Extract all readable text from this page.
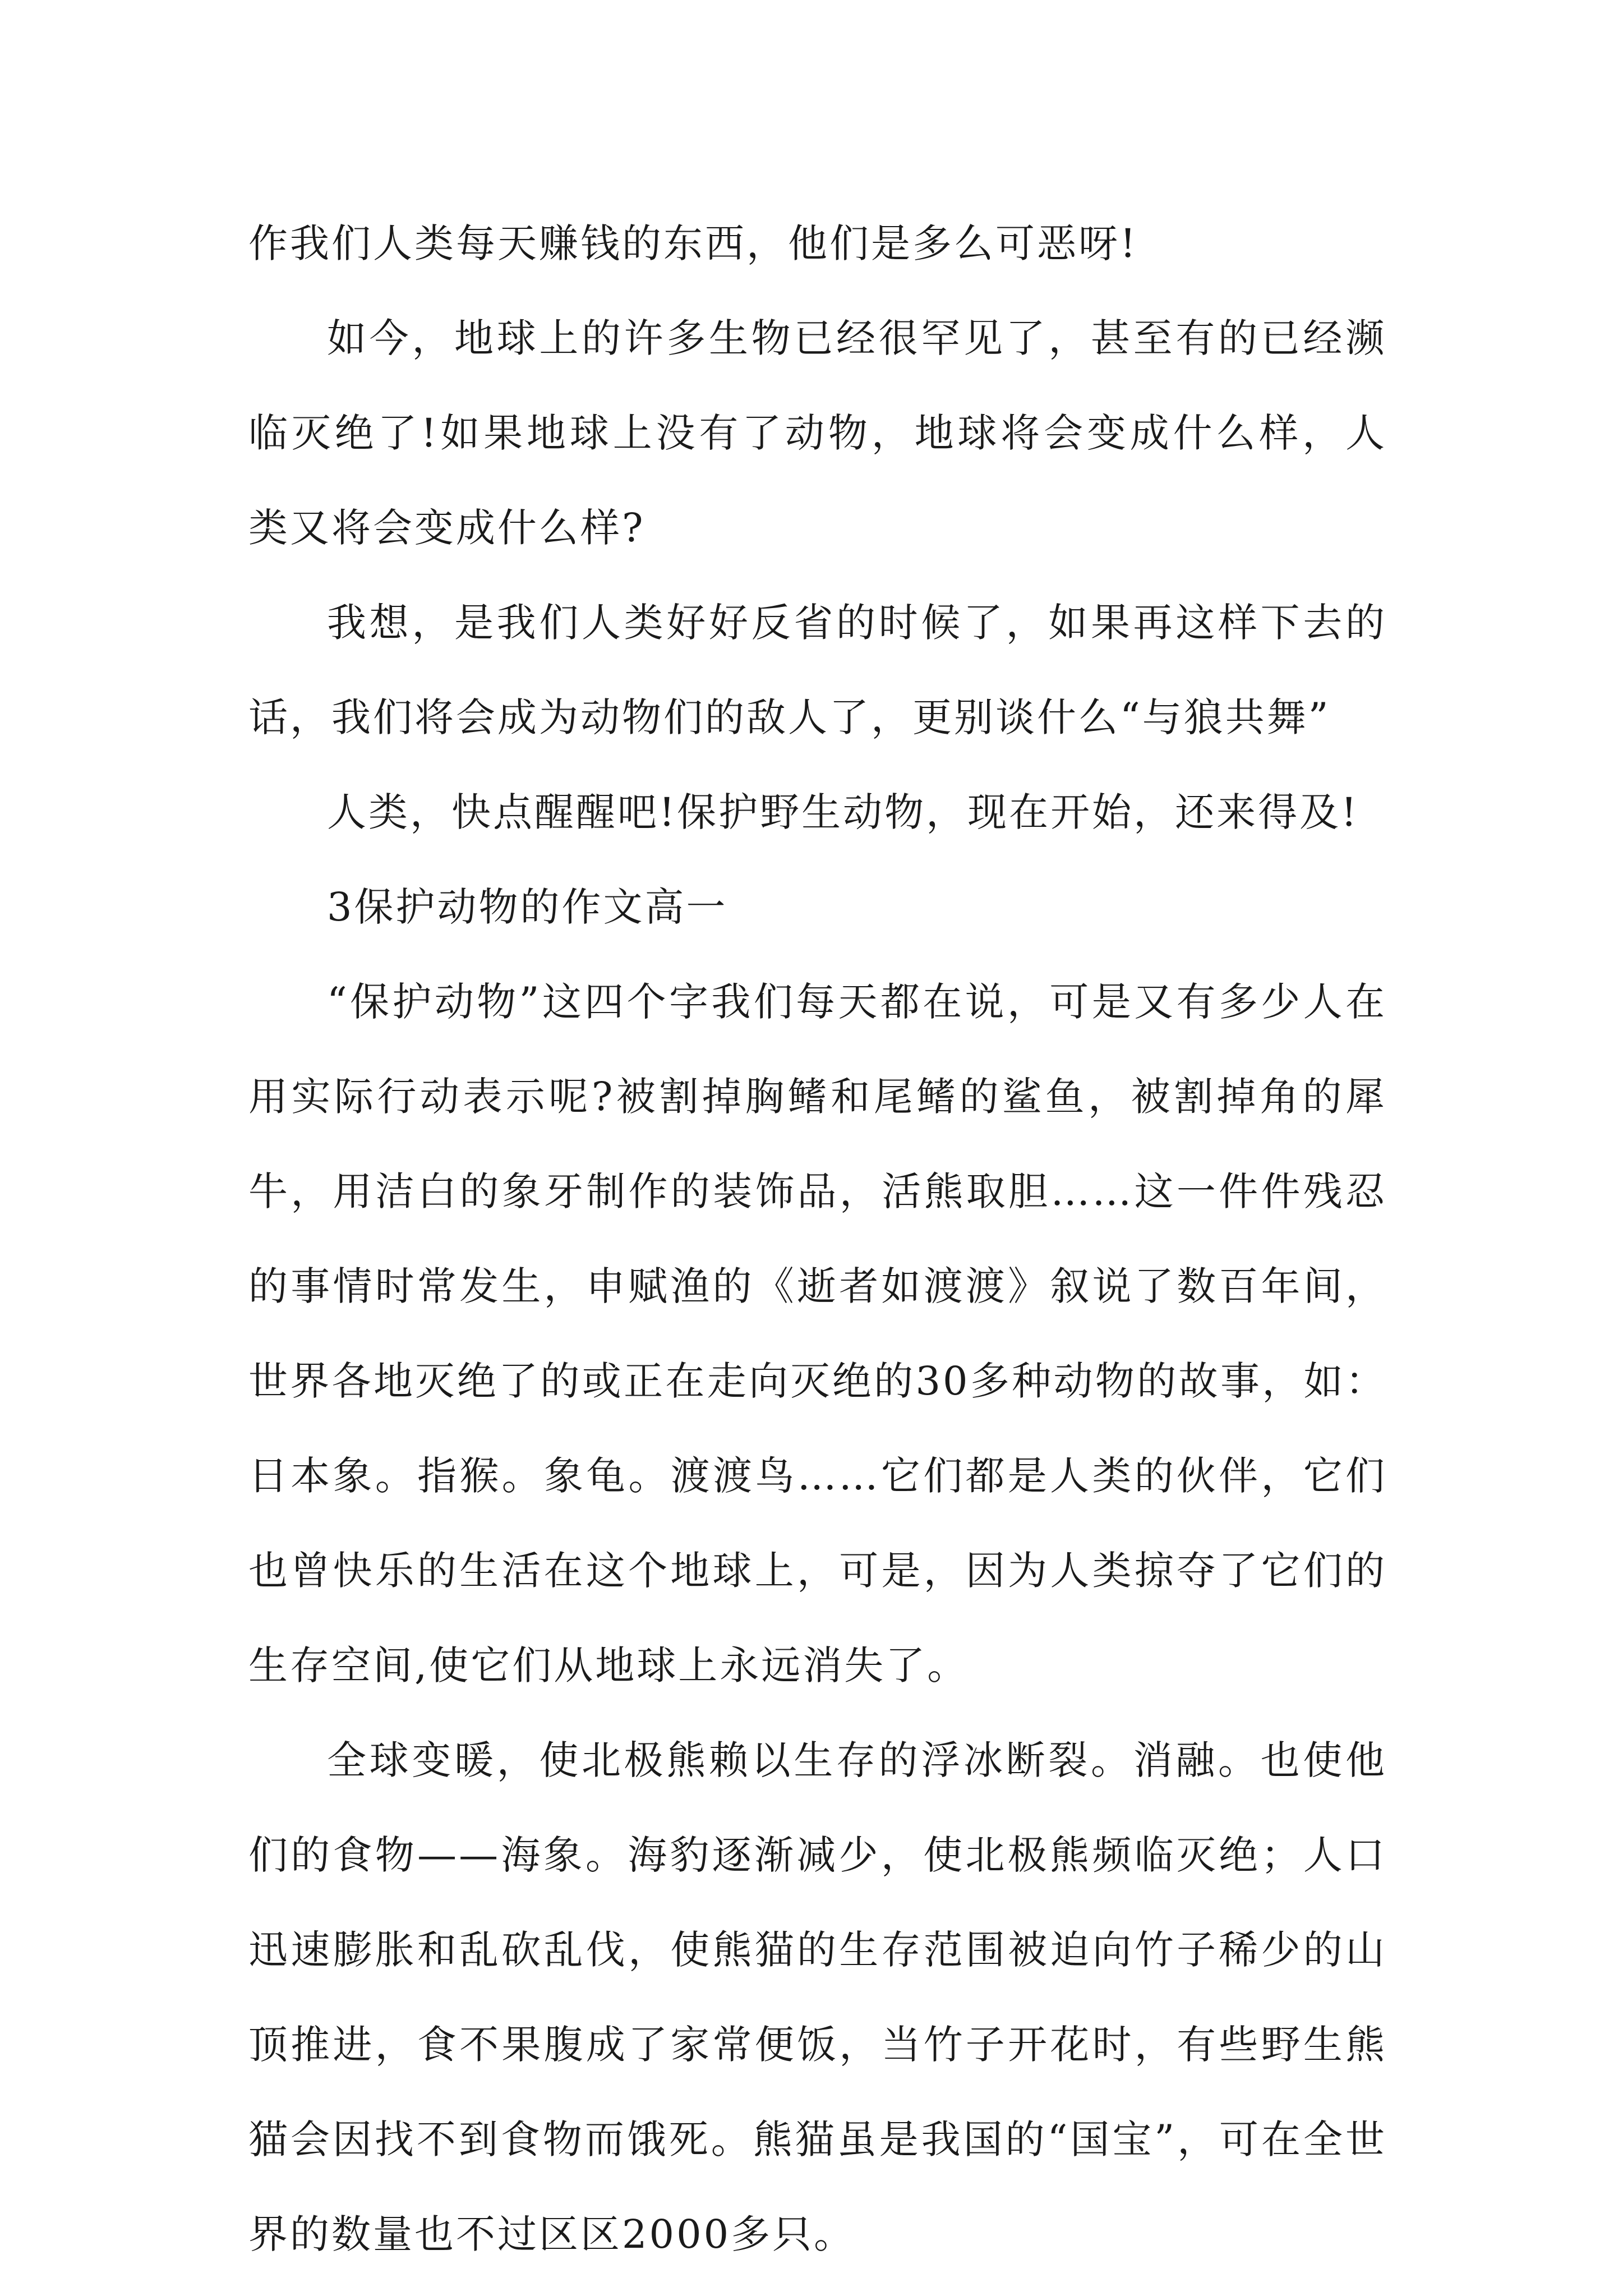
作我们人类每天赚钱的东西，他们是多么可恶呀!

如今，地球上的许多生物已经很罕见了，甚至有的已经濒临灭绝了!如果地球上没有了动物，地球将会变成什么样，人类又将会变成什么样?

我想，是我们人类好好反省的时候了，如果再这样下去的话，我们将会成为动物们的敌人了，更别谈什么“与狼共舞”

人类，快点醒醒吧!保护野生动物，现在开始，还来得及!

3保护动物的作文高一

“保护动物”这四个字我们每天都在说，可是又有多少人在用实际行动表示呢?被割掉胸鳍和尾鳍的鲨鱼，被割掉角的犀牛，用洁白的象牙制作的装饰品，活熊取胆……这一件件残忍的事情时常发生，申赋渔的《逝者如渡渡》叙说了数百年间，世界各地灭绝了的或正在走向灭绝的30多种动物的故事，如：日本象。指猴。象龟。渡渡鸟……它们都是人类的伙伴，它们也曾快乐的生活在这个地球上，可是，因为人类掠夺了它们的生存空间,使它们从地球上永远消失了。

全球变暖，使北极熊赖以生存的浮冰断裂。消融。也使他们的食物——海象。海豹逐渐减少，使北极熊频临灭绝；人口迅速膨胀和乱砍乱伐，使熊猫的生存范围被迫向竹子稀少的山顶推进，食不果腹成了家常便饭，当竹子开花时，有些野生熊猫会因找不到食物而饿死。熊猫虽是我国的“国宝”，可在全世界的数量也不过区区2000多只。
